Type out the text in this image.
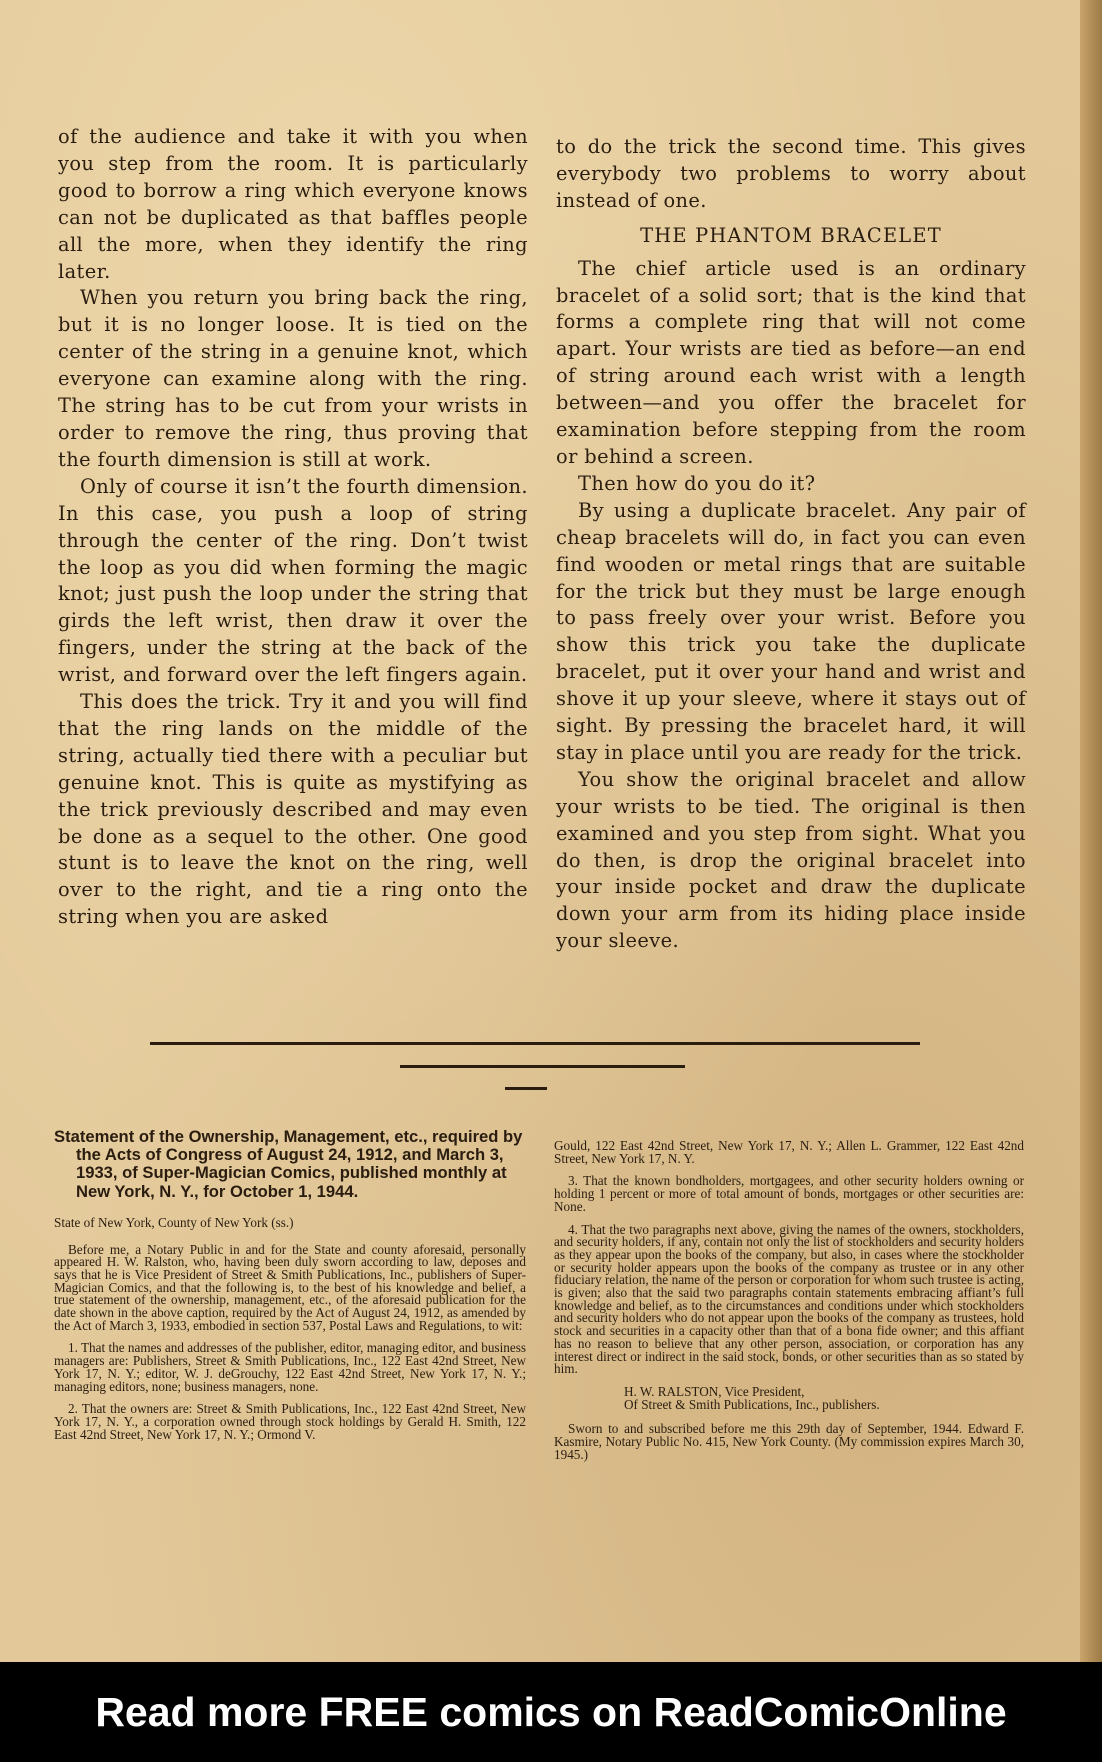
of the audience and take it with you when you step from the room. It is particularly good to borrow a ring which everyone knows can not be duplicated as that baffles people all the more, when they identify the ring later.

When you return you bring back the ring, but it is no longer loose. It is tied on the center of the string in a genuine knot, which everyone can examine along with the ring. The string has to be cut from your wrists in order to remove the ring, thus proving that the fourth dimension is still at work.

Only of course it isn’t the fourth dimension. In this case, you push a loop of string through the center of the ring. Don’t twist the loop as you did when forming the magic knot; just push the loop under the string that girds the left wrist, then draw it over the fingers, under the string at the back of the wrist, and forward over the left fingers again.

This does the trick. Try it and you will find that the ring lands on the middle of the string, actually tied there with a peculiar but genuine knot. This is quite as mystifying as the trick previously described and may even be done as a sequel to the other. One good stunt is to leave the knot on the ring, well over to the right, and tie a ring onto the string when you are asked

to do the trick the second time. This gives everybody two problems to worry about instead of one.

THE PHANTOM BRACELET

The chief article used is an ordinary bracelet of a solid sort; that is the kind that forms a complete ring that will not come apart. Your wrists are tied as before—an end of string around each wrist with a length between—and you offer the bracelet for examination before stepping from the room or behind a screen.

Then how do you do it?

By using a duplicate bracelet. Any pair of cheap bracelets will do, in fact you can even find wooden or metal rings that are suitable for the trick but they must be large enough to pass freely over your wrist. Before you show this trick you take the duplicate bracelet, put it over your hand and wrist and shove it up your sleeve, where it stays out of sight. By pressing the bracelet hard, it will stay in place until you are ready for the trick.

You show the original bracelet and allow your wrists to be tied. The original is then examined and you step from sight. What you do then, is drop the original bracelet into your inside pocket and draw the duplicate down your arm from its hiding place inside your sleeve.

Statement of the Ownership, Management, etc., required by the Acts of Congress of August 24, 1912, and March 3, 1933, of Super-Magician Comics, published monthly at New York, N. Y., for October 1, 1944.

State of New York, County of New York (ss.)

Before me, a Notary Public in and for the State and county aforesaid, personally appeared H. W. Ralston, who, having been duly sworn according to law, deposes and says that he is Vice President of Street & Smith Publications, Inc., publishers of Super-Magician Comics, and that the following is, to the best of his knowledge and belief, a true statement of the ownership, management, etc., of the aforesaid publication for the date shown in the above caption, required by the Act of August 24, 1912, as amended by the Act of March 3, 1933, embodied in section 537, Postal Laws and Regulations, to wit:

1. That the names and addresses of the publisher, editor, managing editor, and business managers are: Publishers, Street & Smith Publications, Inc., 122 East 42nd Street, New York 17, N. Y.; editor, W. J. deGrouchy, 122 East 42nd Street, New York 17, N. Y.; managing editors, none; business managers, none.

2. That the owners are: Street & Smith Publications, Inc., 122 East 42nd Street, New York 17, N. Y., a corporation owned through stock holdings by Gerald H. Smith, 122 East 42nd Street, New York 17, N. Y.; Ormond V.

Gould, 122 East 42nd Street, New York 17, N. Y.; Allen L. Grammer, 122 East 42nd Street, New York 17, N. Y.

3. That the known bondholders, mortgagees, and other security holders owning or holding 1 percent or more of total amount of bonds, mortgages or other securities are: None.

4. That the two paragraphs next above, giving the names of the owners, stockholders, and security holders, if any, contain not only the list of stockholders and security holders as they appear upon the books of the company, but also, in cases where the stockholder or security holder appears upon the books of the company as trustee or in any other fiduciary relation, the name of the person or corporation for whom such trustee is acting, is given; also that the said two paragraphs contain statements embracing affiant’s full knowledge and belief, as to the circumstances and conditions under which stockholders and security holders who do not appear upon the books of the company as trustees, hold stock and securities in a capacity other than that of a bona fide owner; and this affiant has no reason to believe that any other person, association, or corporation has any interest direct or indirect in the said stock, bonds, or other securities than as so stated by him.

H. W. RALSTON, Vice President,
Of Street & Smith Publications, Inc., publishers.

Sworn to and subscribed before me this 29th day of September, 1944. Edward F. Kasmire, Notary Public No. 415, New York County. (My commission expires March 30, 1945.)

Read more FREE comics on ReadComicOnline
